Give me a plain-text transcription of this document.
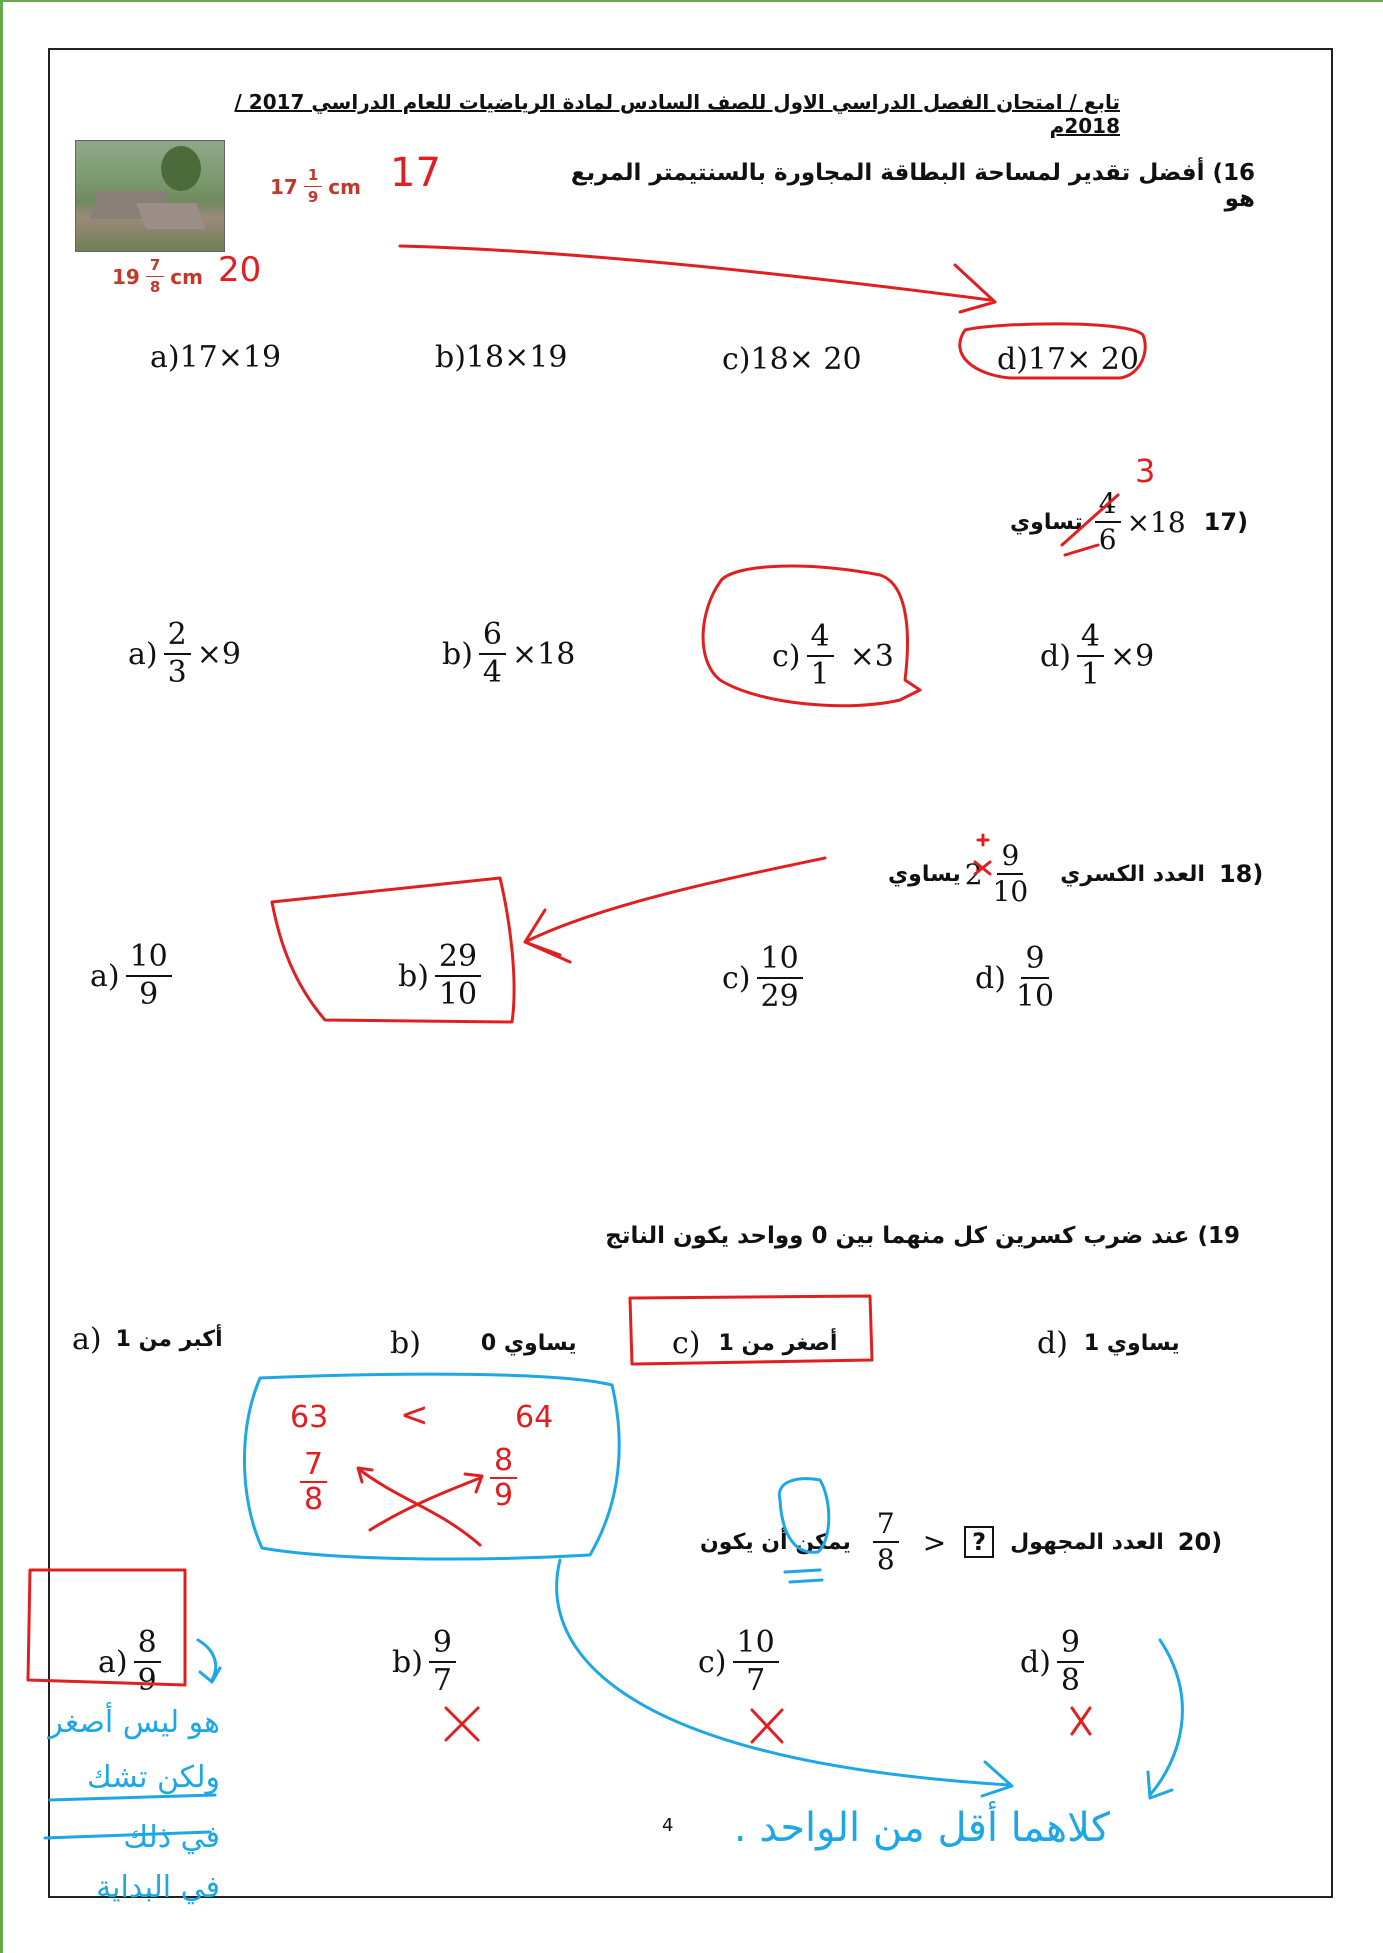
تابع / امتحان الفصل الدراسي الاول للصف السادس لمادة الرياضيات للعام الدراسي 2017 / 2018م
$17 \frac{1}{9}$ cm
$19 \frac{7}{8}$ cm
17
20
16) أفضل تقدير لمساحة البطاقة المجاورة بالسنتيمتر المربع هو
a) 17×19	b) 18×19	c) 18× 20	d) 17× 20
3
تساوي $\frac{4}{6} \times 18$ 17)
$a) \frac{2}{3} \times 9$	$b) \frac{6}{4} \times 18$	$c) \frac{4}{1} \times 3$	$d) \frac{4}{1} \times 9$
يساوي $2 \frac{9}{10}$ العدد الكسري 18)
$a) \frac{10}{9}$	$b) \frac{29}{10}$	$c) \frac{10}{29}$	$d) \frac{9}{10}$
19) عند ضرب كسرين كل منهما بين 0 وواحد يكون الناتج
a) أكبر من 1	b)	يساوي 0	c) أصغر من 1	d) يساوي 1
يمكن أن يكون $\frac{7}{8}$ >	?	العدد المجهول 20)
$a) \frac{8}{9}$	$b) \frac{9}{7}$	$c) \frac{10}{7}$	$d) \frac{9}{8}$
63 <	64
$\frac{7}{8}$	$\frac{8}{9}$
هو ليس أصغر
ولكن تشك
في ذلك
في البداية
كلاهما أقل من الواحد .
4
